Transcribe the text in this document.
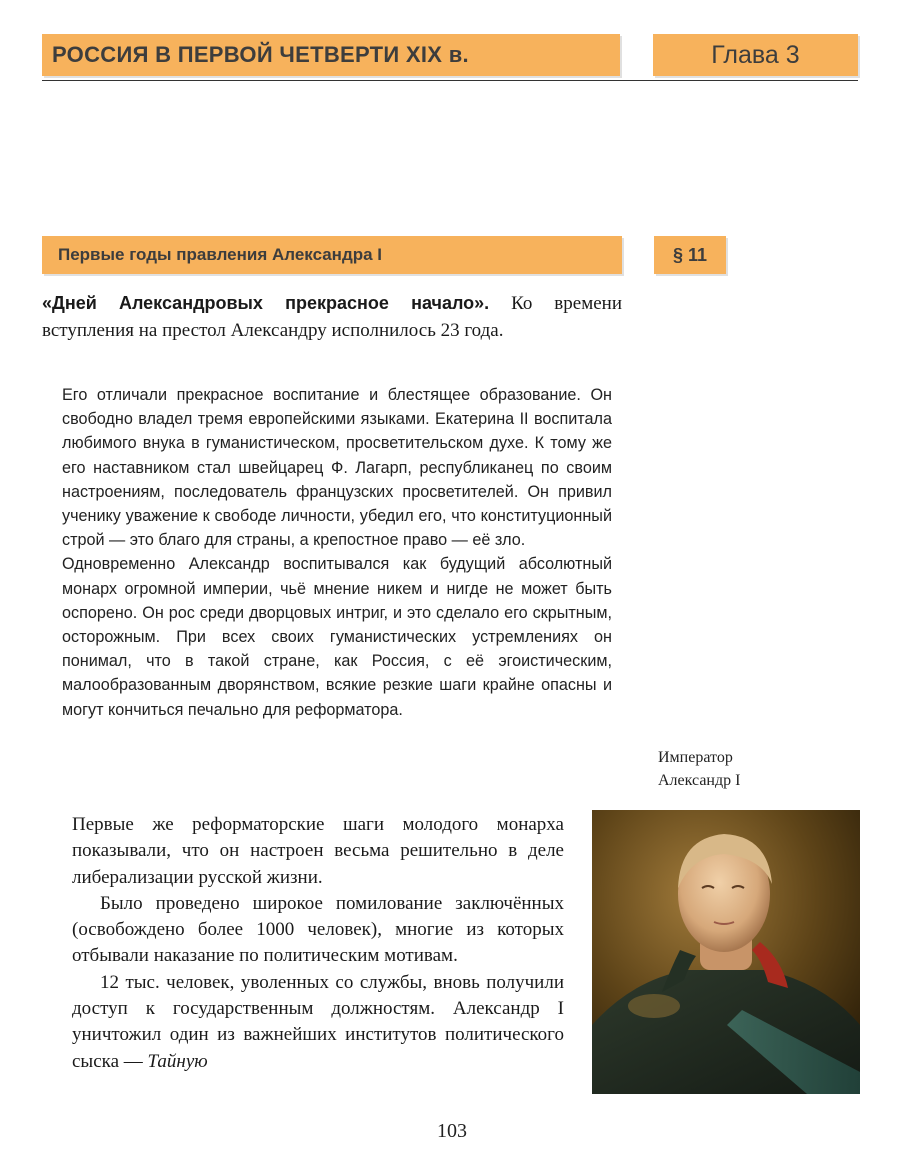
РОССИЯ В ПЕРВОЙ ЧЕТВЕРТИ XIX в.	Глава 3
Первые годы правления Александра I	§ 11

«Дней Александровых прекрасное начало». Ко времени вступления на престол Александру исполнилось 23 года.

Его отличали прекрасное воспитание и блестящее образование. Он свободно владел тремя европейскими языками. Екатерина II воспитала любимого внука в гуманистическом, просветительском духе. К тому же его наставником стал швейцарец Ф. Лагарп, республиканец по своим настроениям, последователь французских просветителей. Он привил ученику уважение к свободе личности, убедил его, что конституционный строй — это благо для страны, а крепостное право — её зло.

Одновременно Александр воспитывался как будущий абсолютный монарх огромной империи, чьё мнение никем и нигде не может быть оспорено. Он рос среди дворцовых интриг, и это сделало его скрытным, осторожным. При всех своих гуманистических устремлениях он понимал, что в такой стране, как Россия, с её эгоистическим, малообразованным дворянством, всякие резкие шаги крайне опасны и могут кончиться печально для реформатора.

Император
Александр I

Первые же реформаторские шаги молодого монарха показывали, что он настроен весьма решительно в деле либерализации русской жизни.

Было проведено широкое помилование заключённых (освобождено более 1000 человек), многие из которых отбывали наказание по политическим мотивам.

12 тыс. человек, уволенных со службы, вновь получили доступ к государственным должностям. Александр I уничтожил один из важнейших институтов политического сыска — Тайную

103
